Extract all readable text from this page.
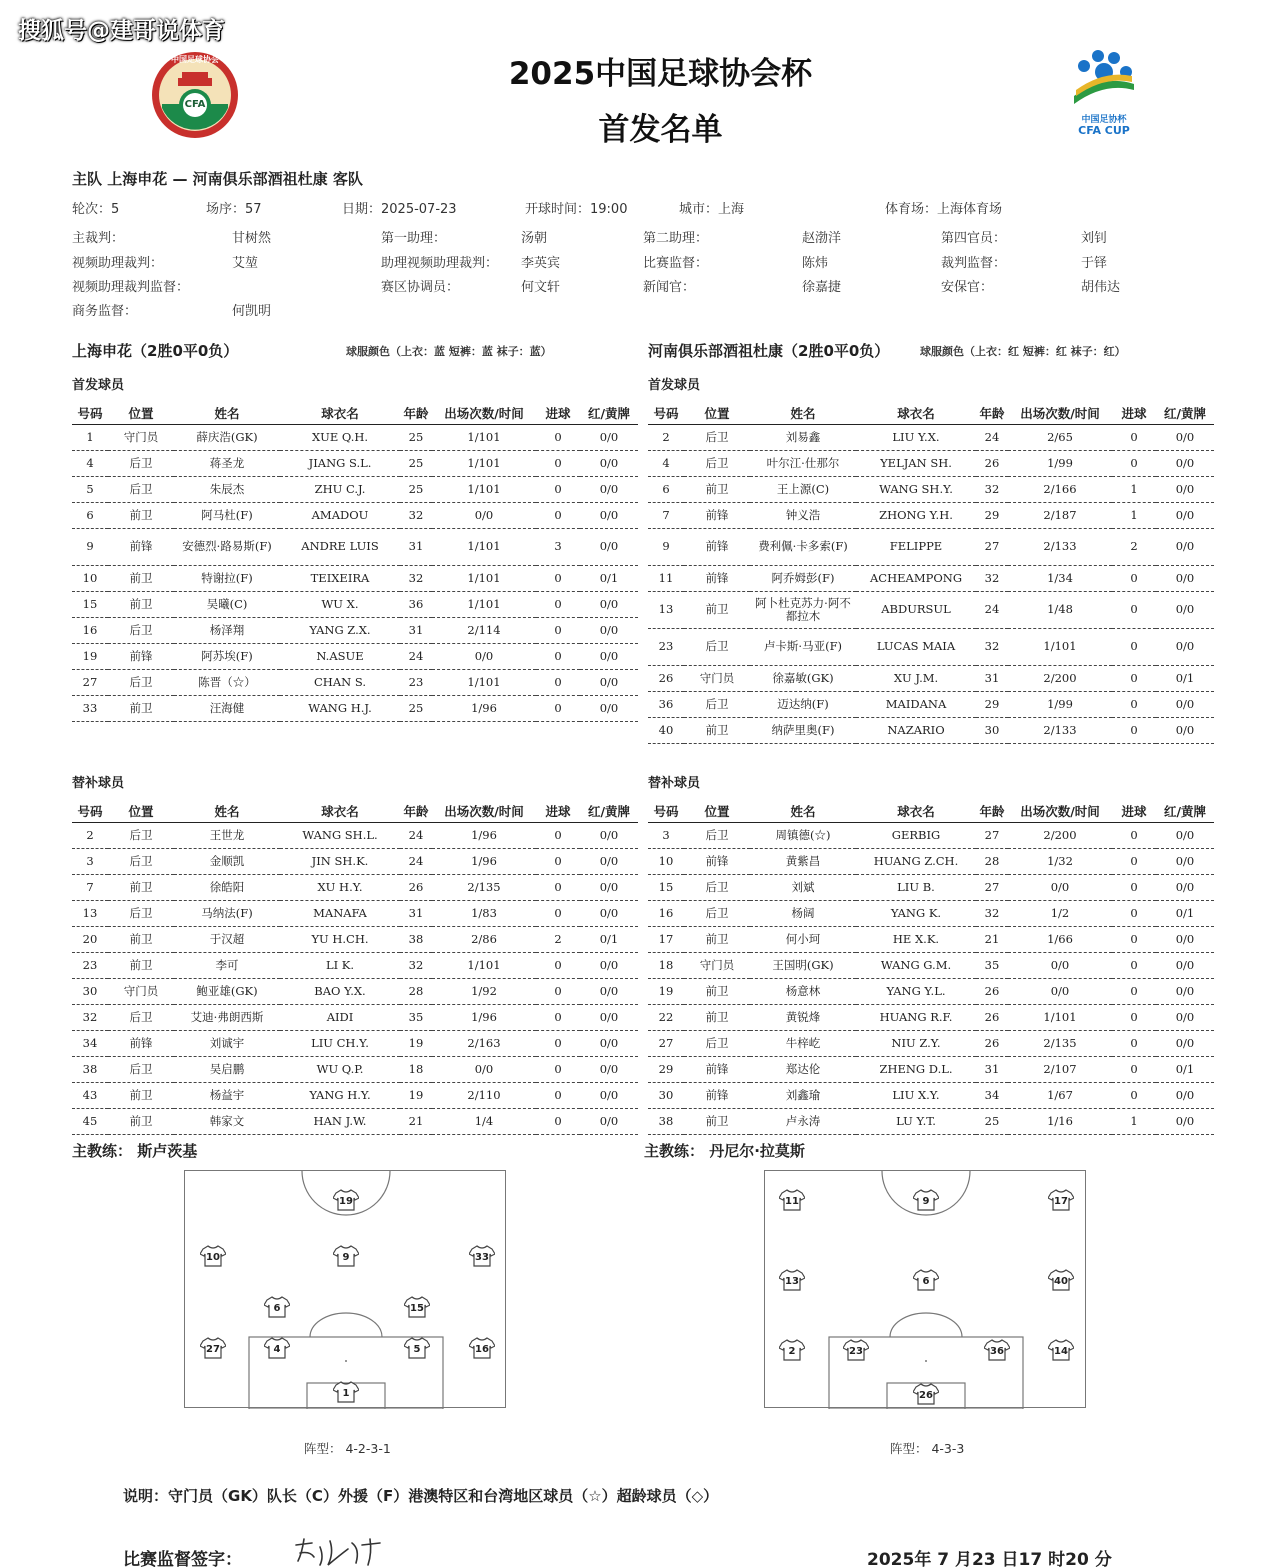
搜狐号@建哥说体育
CFA
中国足球协会
中国足协杯
CFA CUP
2025中国足球协会杯
首发名单
主队 上海申花 — 河南俱乐部酒祖杜康 客队
轮次：5	场序：57	日期：2025-07-23	开球时间：19:00	城市：上海	体育场：上海体育场
主裁判：	甘树然	第一助理：	汤朝	第二助理：	赵渤洋	第四官员：	刘钊
视频助理裁判：	艾堃	助理视频助理裁判： 李英宾	比赛监督：	陈炜	裁判监督：	于铎
视频助理裁判监督：	赛区协调员：	何文轩	新闻官：	徐嘉捷	安保官：	胡伟达
商务监督：	何凯明
上海申花（2胜0平0负）	球服颜色（上衣：蓝 短裤：蓝 袜子：蓝）	河南俱乐部酒祖杜康（2胜0平0负）	球服颜色（上衣：红 短裤：红 袜子：红）
首发球员	首发球员
号码	位置	姓名	球衣名	年龄	出场次数/时间	进球	红/黄牌
1	守门员	薛庆浩(GK)	XUE Q.H.	25	1/101	0	0/0
4	后卫	蒋圣龙	JIANG S.L.	25	1/101	0	0/0
5	后卫	朱辰杰	ZHU C.J.	25	1/101	0	0/0
6	前卫	阿马杜(F)	AMADOU	32	0/0	0	0/0
9	前锋	安德烈·路易斯(F)	ANDRE LUIS	31	1/101	3	0/0
10	前卫	特谢拉(F)	TEIXEIRA	32	1/101	0	0/1
15	前卫	吴曦(C)	WU X.	36	1/101	0	0/0
16	后卫	杨泽翔	YANG Z.X.	31	2/114	0	0/0
19	前锋	阿苏埃(F)	N.ASUE	24	0/0	0	0/0
27	后卫	陈晋（☆）	CHAN S.	23	1/101	0	0/0
33	前卫	汪海健	WANG H.J.	25	1/96	0	0/0
号码	位置	姓名	球衣名	年龄	出场次数/时间	进球	红/黄牌
2	后卫	刘易鑫	LIU Y.X.	24	2/65	0	0/0
4	后卫	叶尔江·仕那尔	YELJAN SH.	26	1/99	0	0/0
6	前卫	王上源(C)	WANG SH.Y.	32	2/166	1	0/0
7	前锋	钟义浩	ZHONG Y.H.	29	2/187	1	0/0
9	前锋	费利佩·卡多索(F)	FELIPPE	27	2/133	2	0/0
11	前锋	阿乔姆彭(F)	ACHEAMPONG	32	1/34	0	0/0
13	前卫	阿卜杜克苏力·阿不都拉木	ABDURSUL	24	1/48	0	0/0
23	后卫	卢卡斯·马亚(F)	LUCAS MAIA	32	1/101	0	0/0
26	守门员	徐嘉敏(GK)	XU J.M.	31	2/200	0	0/1
36	后卫	迈达纳(F)	MAIDANA	29	1/99	0	0/0
40	前卫	纳萨里奥(F)	NAZARIO	30	2/133	0	0/0
替补球员	替补球员
号码	位置	姓名	球衣名	年龄	出场次数/时间	进球	红/黄牌
2	后卫	王世龙	WANG SH.L.	24	1/96	0	0/0
3	后卫	金顺凯	JIN SH.K.	24	1/96	0	0/0
7	前卫	徐皓阳	XU H.Y.	26	2/135	0	0/0
13	后卫	马纳法(F)	MANAFA	31	1/83	0	0/0
20	前卫	于汉超	YU H.CH.	38	2/86	2	0/1
23	前卫	李可	LI K.	32	1/101	0	0/0
30	守门员	鲍亚雄(GK)	BAO Y.X.	28	1/92	0	0/0
32	后卫	艾迪·弗朗西斯	AIDI	35	1/96	0	0/0
34	前锋	刘诚宇	LIU CH.Y.	19	2/163	0	0/0
38	后卫	吴启鹏	WU Q.P.	18	0/0	0	0/0
43	前卫	杨益宇	YANG H.Y.	19	2/110	0	0/0
45	前卫	韩家文	HAN J.W.	21	1/4	0	0/0
号码	位置	姓名	球衣名	年龄	出场次数/时间	进球	红/黄牌
3	后卫	周镇德(☆)	GERBIG	27	2/200	0	0/0
10	前锋	黄紫昌	HUANG Z.CH.	28	1/32	0	0/0
15	后卫	刘斌	LIU B.	27	0/0	0	0/0
16	后卫	杨阔	YANG K.	32	1/2	0	0/1
17	前卫	何小珂	HE X.K.	21	1/66	0	0/0
18	守门员	王国明(GK)	WANG G.M.	35	0/0	0	0/0
19	前卫	杨意林	YANG Y.L.	26	0/0	0	0/0
22	前卫	黄锐烽	HUANG R.F.	26	1/101	0	0/0
27	后卫	牛梓屹	NIU Z.Y.	26	2/135	0	0/0
29	前锋	郑达伦	ZHENG D.L.	31	2/107	0	0/1
30	前锋	刘鑫瑜	LIU X.Y.	34	1/67	0	0/0
38	前卫	卢永涛	LU Y.T.	25	1/16	1	0/0
主教练： 斯卢茨基	主教练： 丹尼尔·拉莫斯
19
10	9	33
6	15
27	4	5	16
1
11	9	17
13	6	40
2	23	36	14
26
阵型： 4-2-3-1	阵型： 4-3-3
说明：守门员（GK）队长（C）外援（F）港澳特区和台湾地区球员（☆）超龄球员（◇）
比赛监督签字：	2025年 7 月23 日17 时20 分
